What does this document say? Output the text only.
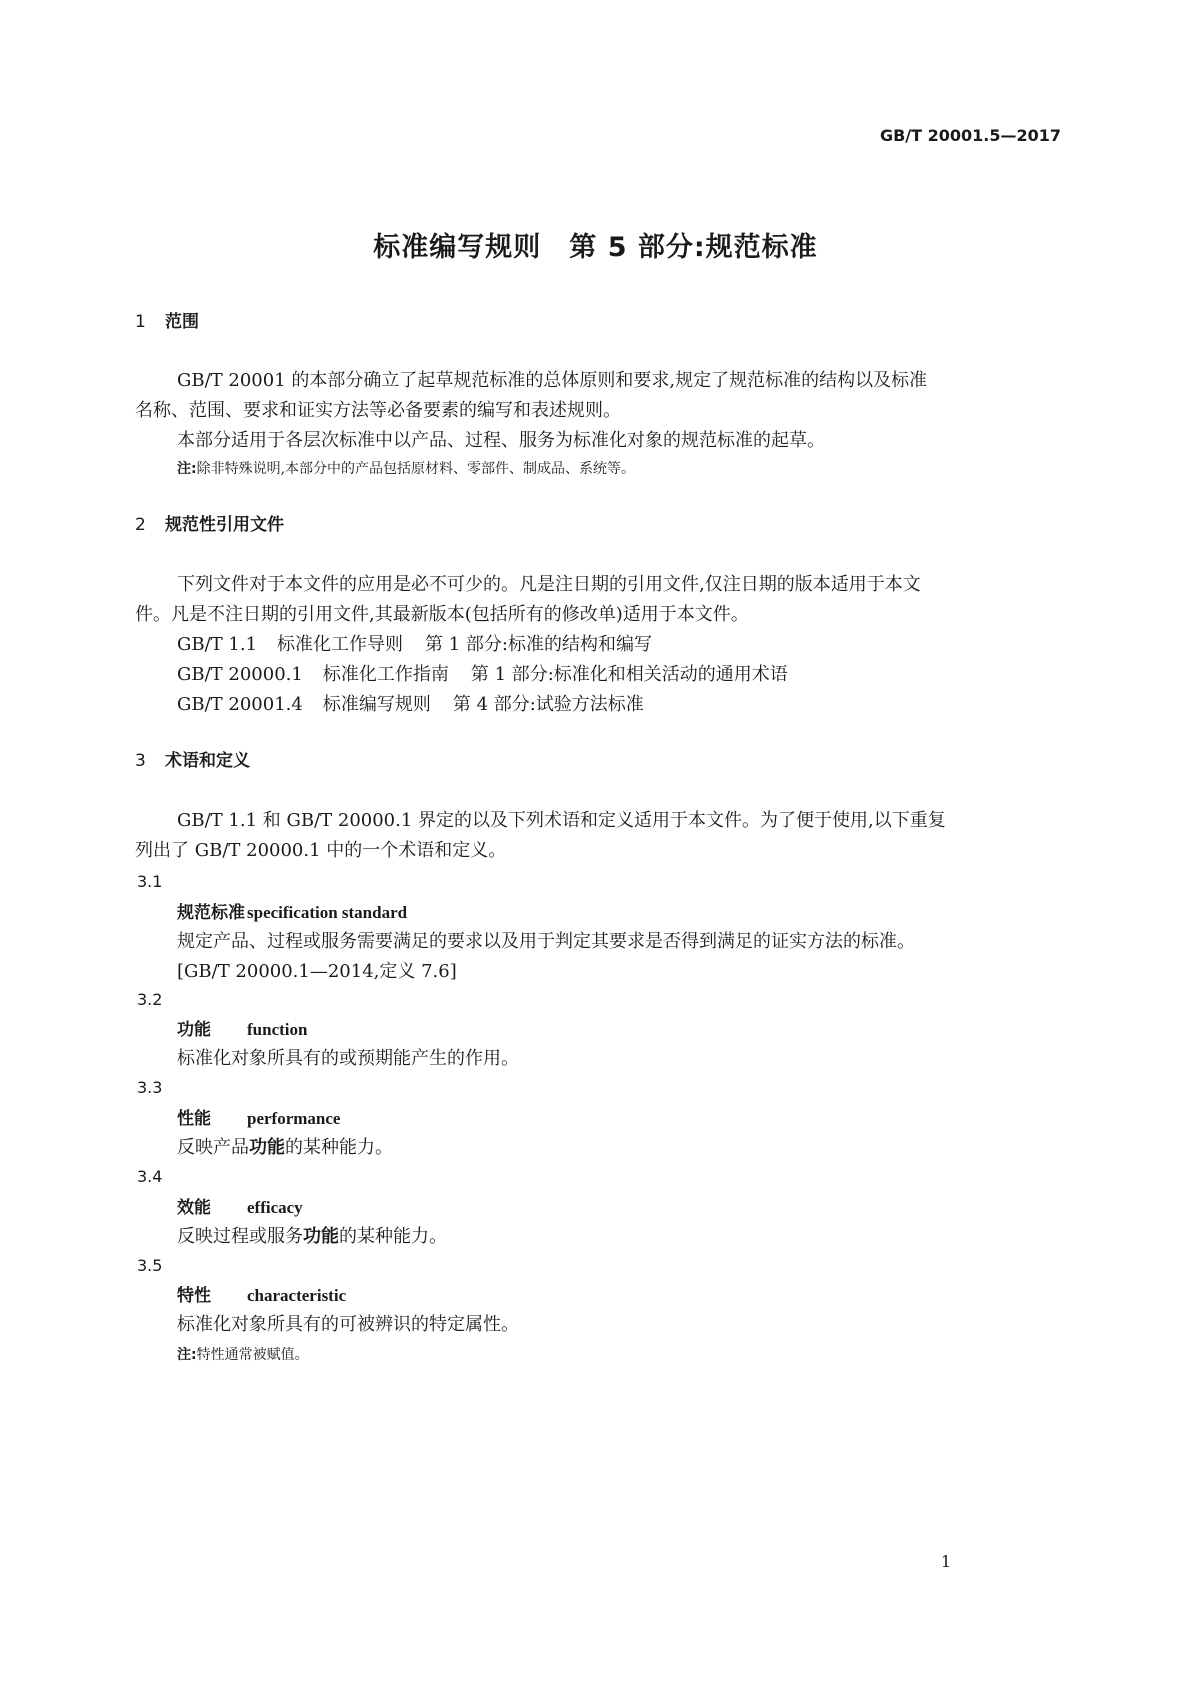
GB/T 20001.5—2017
标准编写规则　第 5 部分:规范标准
1 范围
GB/T 20001 的本部分确立了起草规范标准的总体原则和要求,规定了规范标准的结构以及标准
名称、范围、要求和证实方法等必备要素的编写和表述规则。
本部分适用于各层次标准中以产品、过程、服务为标准化对象的规范标准的起草。
注:除非特殊说明,本部分中的产品包括原材料、零部件、制成品、系统等。
2 规范性引用文件
下列文件对于本文件的应用是必不可少的。凡是注日期的引用文件,仅注日期的版本适用于本文
件。凡是不注日期的引用文件,其最新版本(包括所有的修改单)适用于本文件。
GB/T 1.1 标准化工作导则 第 1 部分:标准的结构和编写
GB/T 20000.1 标准化工作指南 第 1 部分:标准化和相关活动的通用术语
GB/T 20001.4 标准编写规则 第 4 部分:试验方法标准
3 术语和定义
GB/T 1.1 和 GB/T 20000.1 界定的以及下列术语和定义适用于本文件。为了便于使用,以下重复
列出了 GB/T 20000.1 中的一个术语和定义。
3.1
规范标准 specification standard
规定产品、过程或服务需要满足的要求以及用于判定其要求是否得到满足的证实方法的标准。
[GB/T 20000.1—2014,定义 7.6]
3.2
功能 function
标准化对象所具有的或预期能产生的作用。
3.3
性能 performance
反映产品功能的某种能力。
3.4
效能 efficacy
反映过程或服务功能的某种能力。
3.5
特性 characteristic
标准化对象所具有的可被辨识的特定属性。
注:特性通常被赋值。
1
